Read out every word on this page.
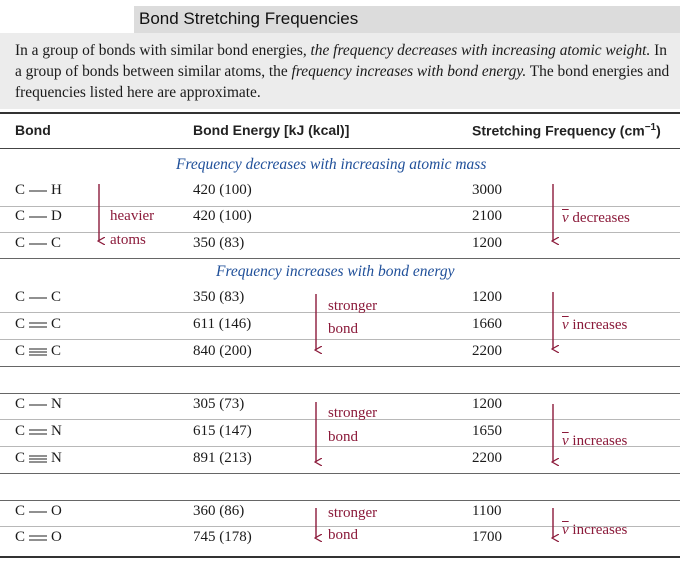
Bond Stretching Frequencies
In a group of bonds with similar bond energies, the frequency decreases with increasing atomic weight. In a group of bonds between similar atoms, the frequency increases with bond energy. The bond energies and frequencies listed here are approximate.
Bond	Bond Energy [kJ (kcal)]	Stretching Frequency $(cm^{-1})$
Frequency decreases with increasing atomic mass
Frequency increases with bond energy
C H	420 (100)	3000
C D	420 (100)	2100
C C	350 (83)	1200
C C	350 (83)	1200
C C	611 (146)	1660
C C	840 (200)	2200
C N	305 (73)	1200
C N	615 (147)	1650
C N	891 (213)	2200
C O	360 (86)	1100
C O	745 (178)	1700
heavier
atoms
stronger
bond
stronger
bond
stronger
bond
$\overline{\nu}$ decreases
$\overline{\nu}$ increases
$\overline{\nu}$ increases
$\overline{\nu}$ increases
